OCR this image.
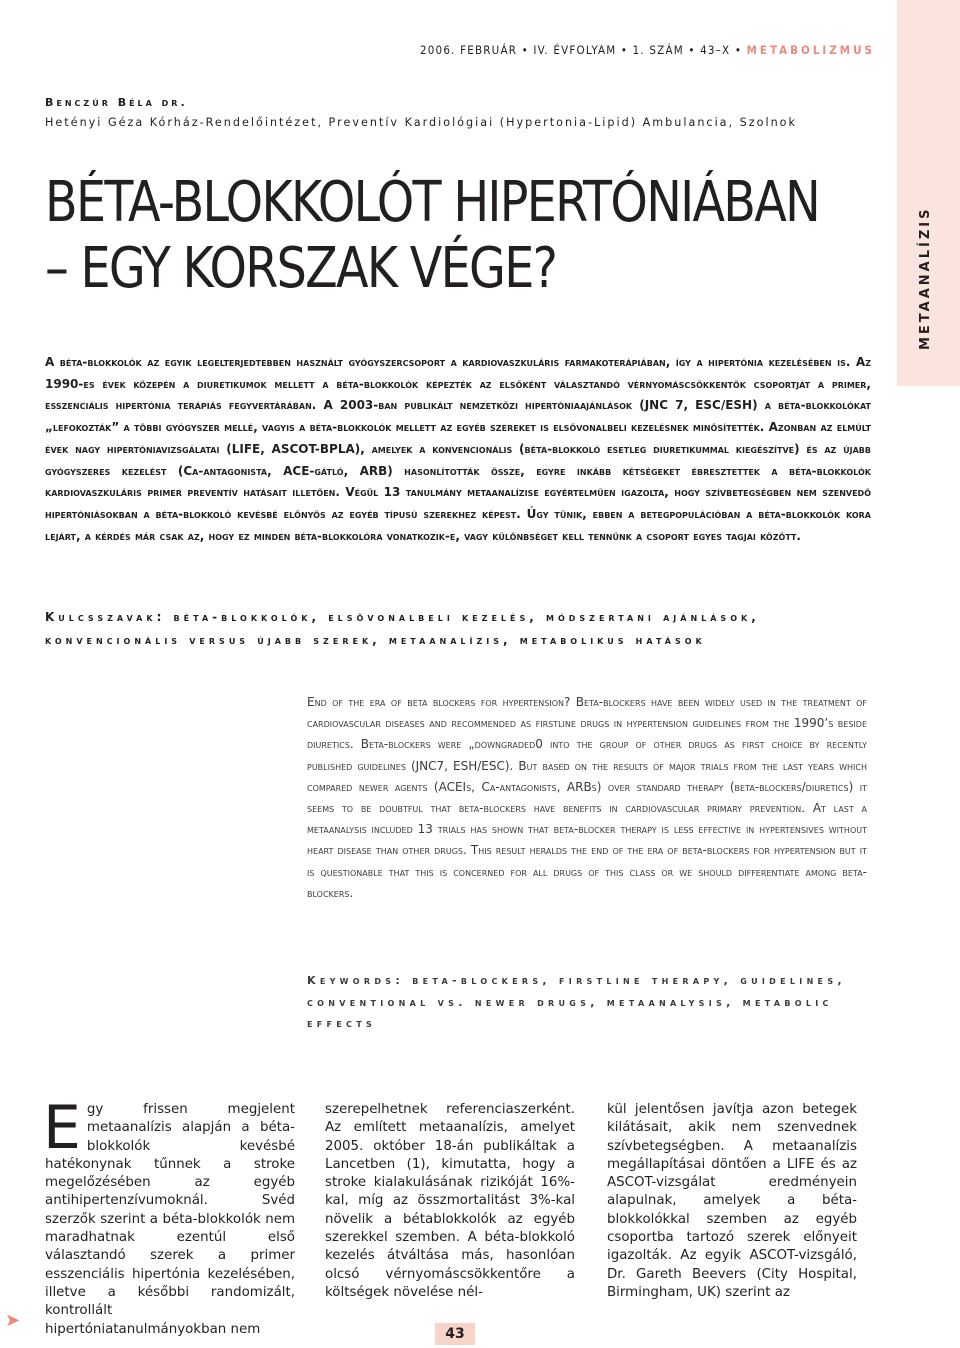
METAANALÍZIS
2006. FEBRUÁR • IV. ÉVFOLYAM • 1. SZÁM • 43–X • METABOLIZMUS
Benczúr Béla dr.
Hetényi Géza Kórház-Rendelőintézet, Preventív Kardiológiai (Hypertonia-Lipid) Ambulancia, Szolnok
BÉTA-BLOKKOLÓT HIPERTÓNIÁBAN
– EGY KORSZAK VÉGE?
A béta-blokkolók az egyik legelterjedtebben használt gyógyszercsoport a kardiovaszkuláris farmakoterápiában, így a hipertónia kezelésében is. Az 1990-es évek közepén a diuretikumok mellett a béta-blokkolók képezték az elsőként választandó vérnyomáscsökkentők csoportját a primer, esszenciális hipertónia terápiás fegyvertárában. A 2003-ban publikált nemzetközi hipertóniaajánlások (JNC 7, ESC/ESH) a béta-blokkolókat „lefokozták” a többi gyógyszer mellé, vagyis a béta-blokkolók mellett az egyéb szereket is elsővonalbeli kezelésnek minősítették. Azonban az elmúlt évek nagy hipertóniavizsgálatai (LIFE, ASCOT-BPLA), amelyek a konvencionális (béta-blokkoló esetleg diuretikummal kiegészítve) és az újabb gyógyszeres kezelést (Ca-antagonista, ACE-gátló, ARB) hasonlították össze, egyre inkább kétségeket ébresztettek a béta-blokkolók kardiovaszkuláris primer preventív hatásait illetően. Végül 13 tanulmány metaanalízise egyértelműen igazolta, hogy szívbetegségben nem szenvedő hipertóniásokban a béta-blokkoló kevésbé előnyös az egyéb típusú szerekhez képest. Úgy tűnik, ebben a betegpopulációban a béta-blokkolók kora lejárt, a kérdés már csak az, hogy ez minden béta-blokkolóra vonatkozik-e, vagy különbséget kell tennünk a csoport egyes tagjai között.
Kulcsszavak: béta-blokkolók, elsővonalbeli kezelés, módszertani ajánlások, konvencionális versus újabb szerek, metaanalízis, metabolikus hatások
End of the era of beta blockers for hypertension? Beta-blockers have been widely used in the treatment of cardiovascular diseases and recommended as firstline drugs in hypertension guidelines from the 1990’s beside diuretics. Beta-blockers were „downgraded0 into the group of other drugs as first choice by recently published guidelines (JNC7, ESH/ESC). But based on the results of major trials from the last years which compared newer agents (ACEIs, Ca-antagonists, ARBs) over standard therapy (beta-blockers/diuretics) it seems to be doubtful that beta-blockers have benefits in cardiovascular primary prevention. At last a metaanalysis included 13 trials has shown that beta-blocker therapy is less effective in hypertensives without heart disease than other drugs. This result heralds the end of the era of beta-blockers for hypertension but it is questionable that this is concerned for all drugs of this class or we should differentiate among beta-blockers.
Keywords: beta-blockers, firstline therapy, guidelines, conventional vs. newer drugs, metaanalysis, metabolic effects
E gy frissen megjelent metaanalízis alapján a béta-blokkolók kevésbé hatékonynak tűnnek a stroke megelőzésében az egyéb antihipertenzívumoknál. Svéd szerzők szerint a béta-blokkolók nem maradhatnak ezentúl első választandó szerek a primer esszenciális hipertónia kezelésében, illetve a későbbi randomizált, kontrollált hipertóniatanulmányokban nem
szerepelhetnek referenciaszerként. Az említett metaanalízis, amelyet 2005. október 18-án publikáltak a Lancetben (1), kimutatta, hogy a stroke kialakulásának rizikóját 16%-kal, míg az összmortalitást 3%-kal növelik a bétablokkolók az egyéb szerekkel szemben. A béta-blokkoló kezelés átváltása más, hasonlóan olcsó vérnyomáscsökkentőre a költségek növelése nél-
kül jelentősen javítja azon betegek kilátásait, akik nem szenvednek szívbetegségben. A metaanalízis megállapításai döntően a LIFE és az ASCOT-vizsgálat eredményein alapulnak, amelyek a béta-blokkolókkal szemben az egyéb csoportba tartozó szerek előnyeit igazolták. Az egyik ASCOT-vizsgáló, Dr. Gareth Beevers (City Hospital, Birmingham, UK) szerint az
➤
43
